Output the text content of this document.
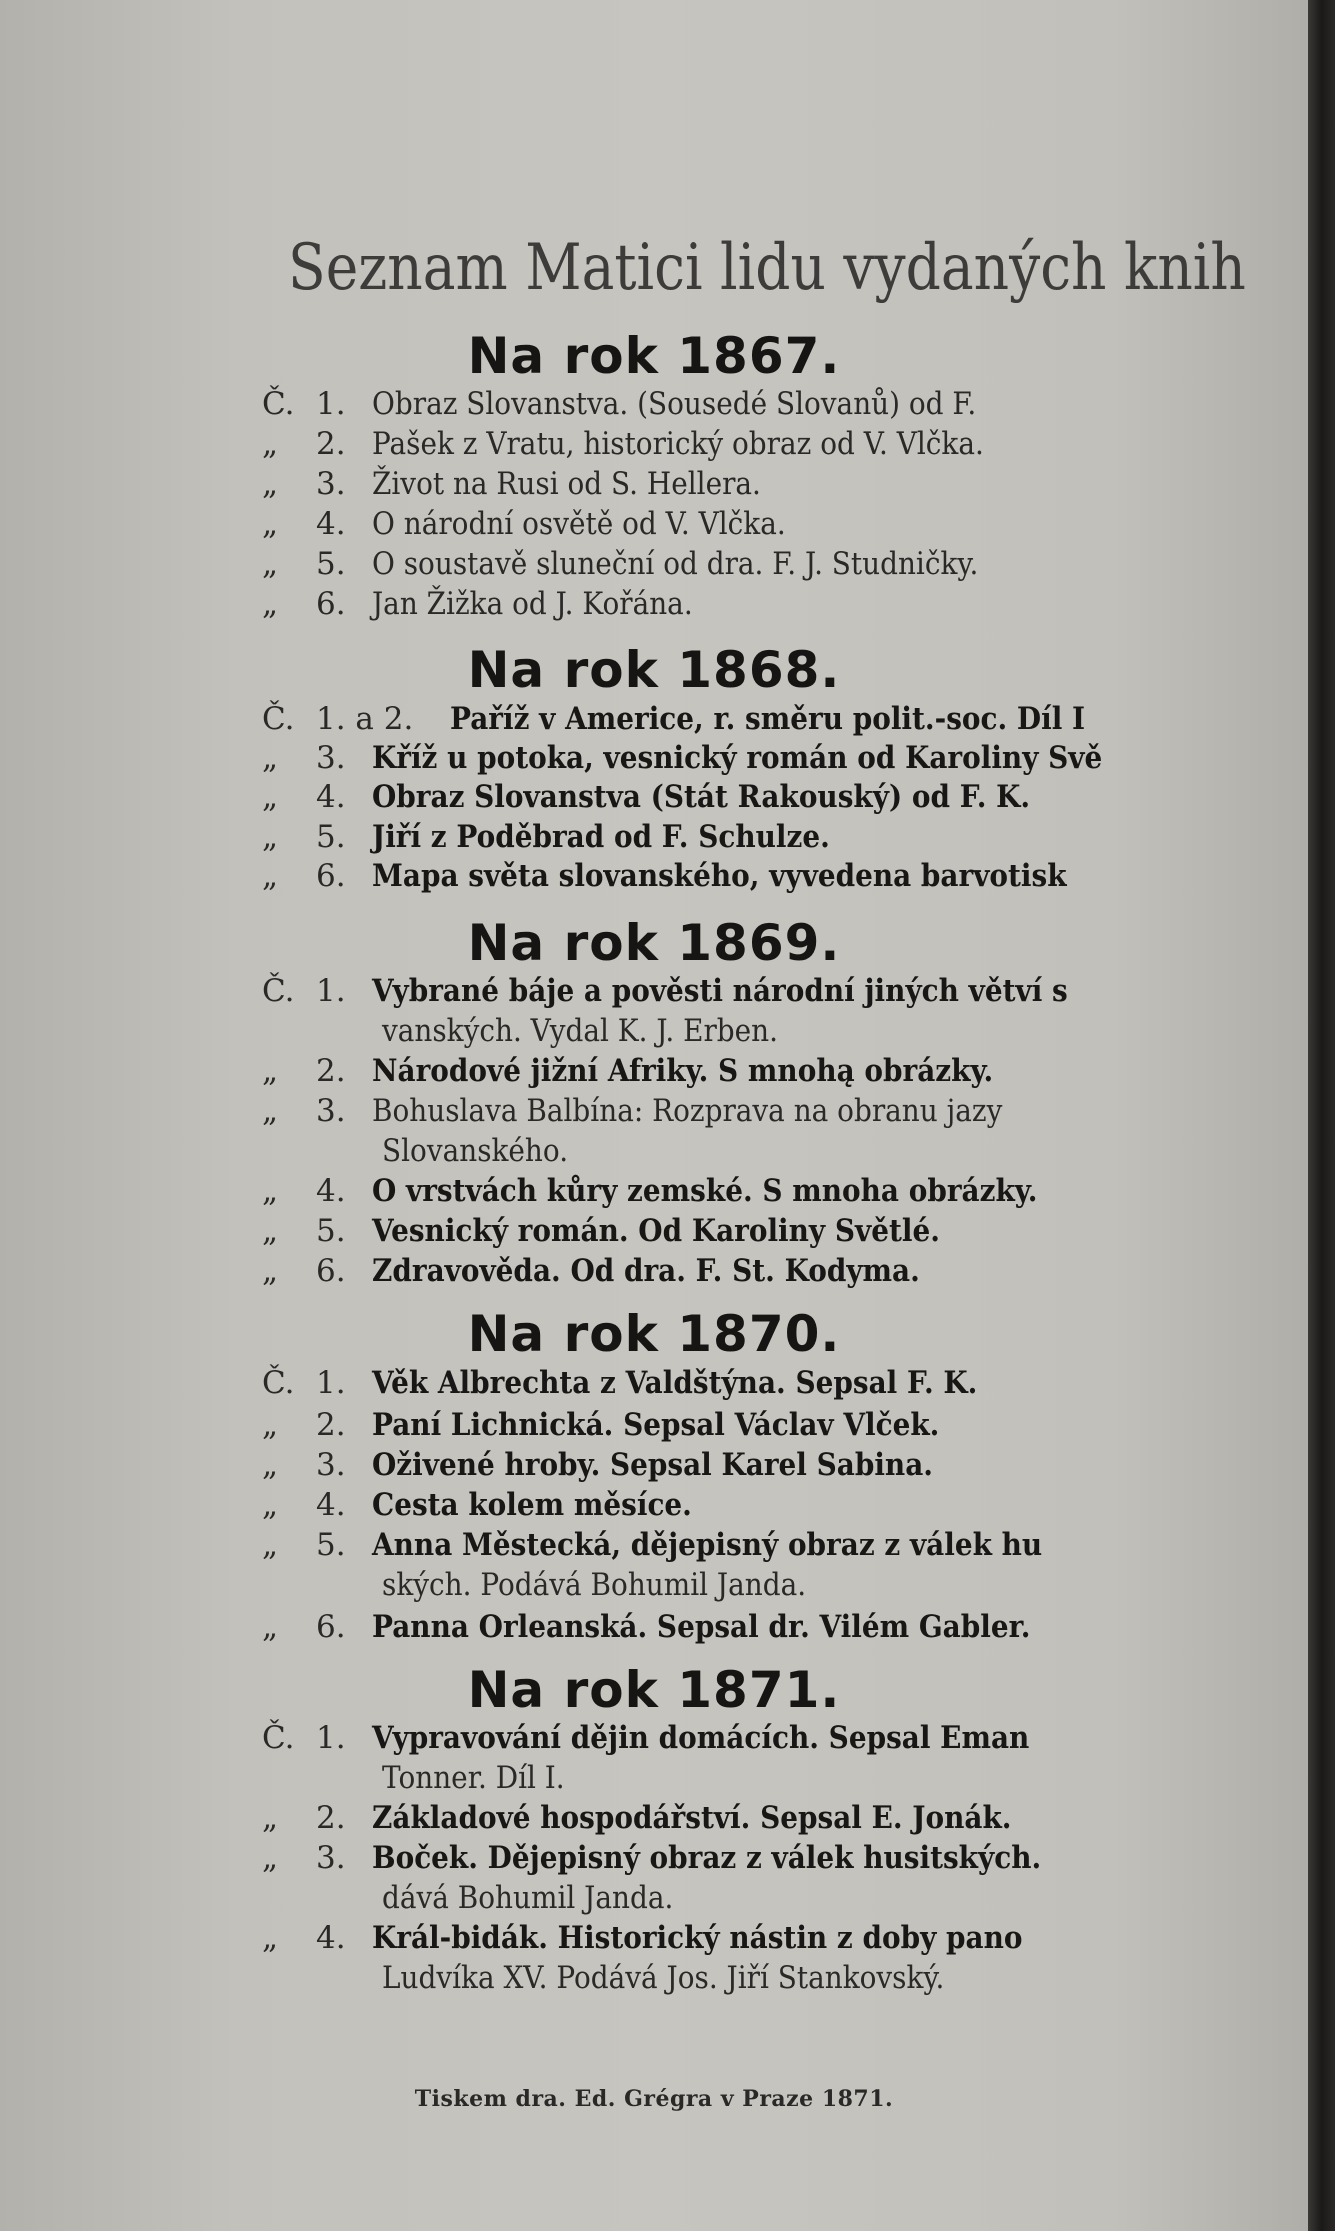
Seznam Matici lidu vydaných knih
Na rok 1867.
Č. 1. Obraz Slovanstva. (Sousedé Slovanů) od F.
„	2. Pašek z Vratu, historický obraz od V. Vlčka.
„	3. Život na Rusi od S. Hellera.
„	4. O národní osvětě od V. Vlčka.
„	5. O soustavě sluneční od dra. F. J. Studničky.
„	6. Jan Žižka od J. Kořána.
Na rok 1868.
Č. 1. a 2.	Paříž v Americe, r. směru polit.-soc. Díl I
„	3. Kříž u potoka, vesnický román od Karoliny Svě
„	4. Obraz Slovanstva (Stát Rakouský) od F. K.
„	5. Jiří z Poděbrad od F. Schulze.
„	6. Mapa světa slovanského, vyvedena barvotisk
Na rok 1869.
Č. 1. Vybrané báje a pověsti národní jiných větví s
vanských. Vydal K. J. Erben.
„	2. Národové jižní Afriky. S mnohą obrázky.
„	3. Bohuslava Balbína: Rozprava na obranu jazy
Slovanského.
„	4. O vrstvách kůry zemské. S mnoha obrázky.
„	5. Vesnický román. Od Karoliny Světlé.
„	6. Zdravověda. Od dra. F. St. Kodyma.
Na rok 1870.
Č. 1. Věk Albrechta z Valdštýna. Sepsal F. K.
„	2. Paní Lichnická. Sepsal Václav Vlček.
„	3. Oživené hroby. Sepsal Karel Sabina.
„	4. Cesta kolem měsíce.
„	5. Anna Městecká, dějepisný obraz z válek hu
ských. Podává Bohumil Janda.
„	6. Panna Orleanská. Sepsal dr. Vilém Gabler.
Na rok 1871.
Č. 1. Vypravování dějin domácích. Sepsal Eman
Tonner. Díl I.
„	2. Základové hospodářství. Sepsal E. Jonák.
„	3. Boček. Dějepisný obraz z válek husitských.
dává Bohumil Janda.
„	4. Král-bidák. Historický nástin z doby pano
Ludvíka XV. Podává Jos. Jiří Stankovský.
Tiskem dra. Ed. Grégra v Praze 1871.
